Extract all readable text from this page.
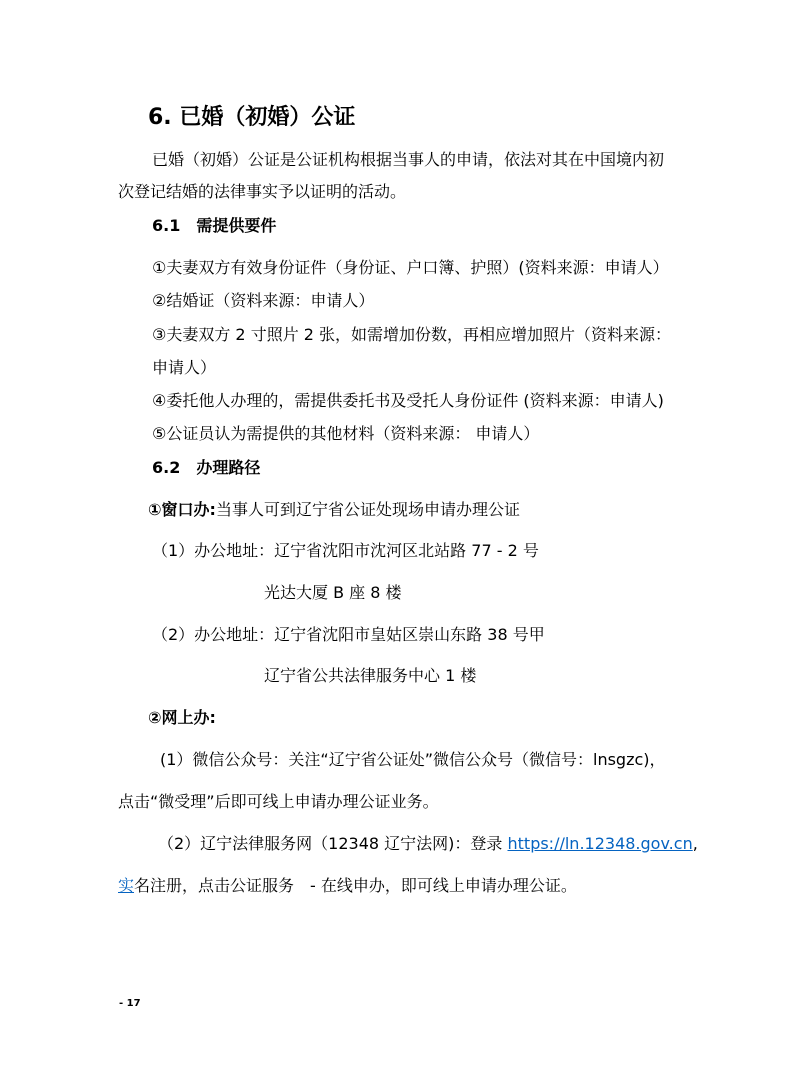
6. 已婚（初婚）公证
已婚（初婚）公证是公证机构根据当事人的申请，依法对其在中国境内初
次登记结婚的法律事实予以证明的活动。
6.1　需提供要件
①夫妻双方有效身份证件（身份证、户口簿、护照）(资料来源：申请人）
②结婚证（资料来源：申请人）
③夫妻双方 2 寸照片 2 张，如需增加份数，再相应增加照片（资料来源：
申请人）
④委托他人办理的，需提供委托书及受托人身份证件 (资料来源：申请人)
⑤公证员认为需提供的其他材料（资料来源： 申请人）
6.2　办理路径
①窗口办:当事人可到辽宁省公证处现场申请办理公证
（1）办公地址：辽宁省沈阳市沈河区北站路 77 - 2 号
光达大厦 B 座 8 楼
（2）办公地址：辽宁省沈阳市皇姑区崇山东路 38 号甲
辽宁省公共法律服务中心 1 楼
②网上办:
(1）微信公众号：关注“辽宁省公证处”微信公众号（微信号：lnsgzc)，
点击“微受理”后即可线上申请办理公证业务。
（2）辽宁法律服务网（12348 辽宁法网)：登录 https://ln.12348.gov.cn,
实名注册，点击公证服务　- 在线申办，即可线上申请办理公证。
- 17
